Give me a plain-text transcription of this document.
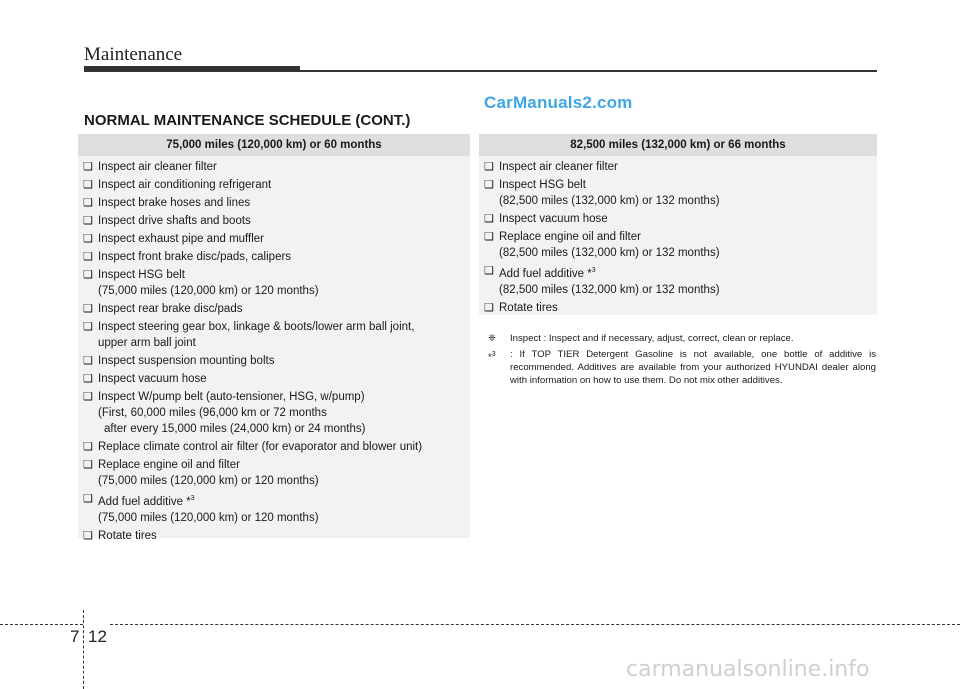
Maintenance
CarManuals2.com
NORMAL MAINTENANCE SCHEDULE (CONT.)
75,000 miles (120,000 km) or 60 months
❑ Inspect air cleaner filter
❑ Inspect air conditioning refrigerant
❑ Inspect brake hoses and lines
❑ Inspect drive shafts and boots
❑ Inspect exhaust pipe and muffler
❑ Inspect front brake disc/pads, calipers
❑ Inspect HSG belt
(75,000 miles (120,000 km) or 120 months)
❑ Inspect rear brake disc/pads
❑ Inspect steering gear box, linkage & boots/lower arm ball joint,
upper arm ball joint
❑ Inspect suspension mounting bolts
❑ Inspect vacuum hose
❑ Inspect W/pump belt (auto-tensioner, HSG, w/pump)
(First, 60,000 miles (96,000 km or 72 months
after every 15,000 miles (24,000 km) or 24 months)
❑ Replace climate control air filter (for evaporator and blower unit)
❑ Replace engine oil and filter
(75,000 miles (120,000 km) or 120 months)
❑ Add fuel additive *$^3$
(75,000 miles (120,000 km) or 120 months)
❑ Rotate tires
82,500 miles (132,000 km) or 66 months
❑ Inspect air cleaner filter
❑ Inspect HSG belt
(82,500 miles (132,000 km) or 132 months)
❑ Inspect vacuum hose
❑ Replace engine oil and filter
(82,500 miles (132,000 km) or 132 months)
❑ Add fuel additive *$^3$
(82,500 miles (132,000 km) or 132 months)
❑ Rotate tires
❈	Inspect : Inspect and if necessary, adjust, correct, clean or replace.
*$^3$	: If TOP TIER Detergent Gasoline is not available, one bottle of additive is recommended. Additives are available from your authorized HYUNDAI dealer along with information on how to use them. Do not mix other additives.
7 12
carmanualsonline.info
